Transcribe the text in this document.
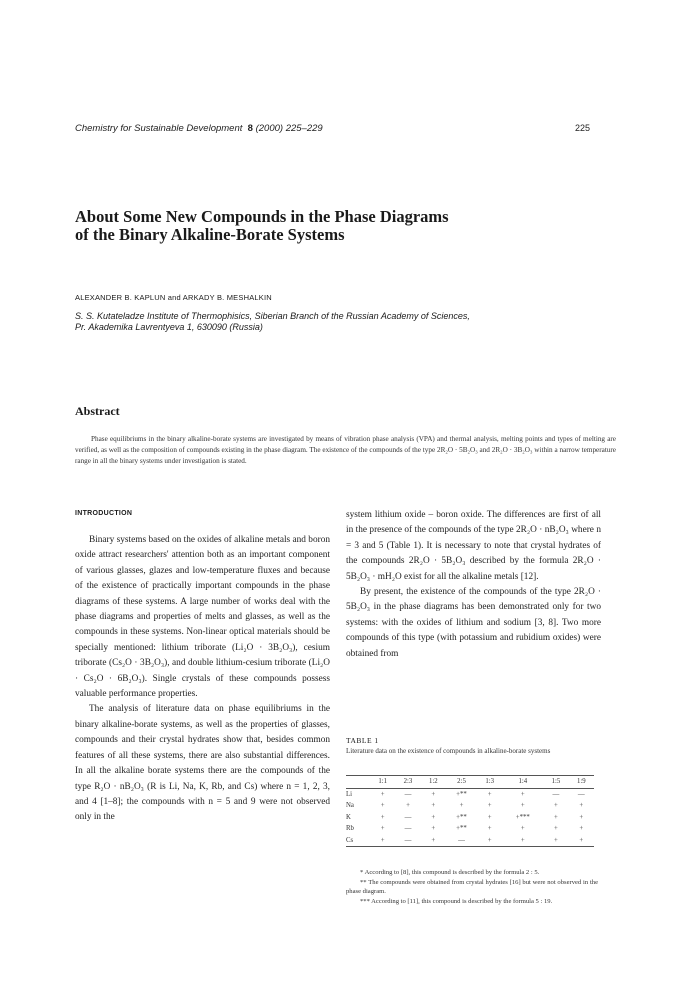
Chemistry for Sustainable Development 8 (2000) 225–229	225
About Some New Compounds in the Phase Diagrams
of the Binary Alkaline-Borate Systems
ALEXANDER B. KAPLUN and ARKADY B. MESHALKIN
S. S. Kutateladze Institute of Thermophisics, Siberian Branch of the Russian Academy of Sciences,
Pr. Akademika Lavrentyeva 1, 630090 (Russia)
Abstract
Phase equilibriums in the binary alkaline-borate systems are investigated by means of vibration phase analysis (VPA) and thermal analysis, melting points and types of melting are verified, as well as the composition of compounds existing in the phase diagram. The existence of the compounds of the type 2R₂O · 5B₂O₃ and 2R₂O · 3B₂O₃ within a narrow temperature range in all the binary systems under investigation is stated.
INTRODUCTION

Binary systems based on the oxides of alkaline metals and boron oxide attract researchers' attention both as an important component of various glasses, glazes and low-temperature fluxes and because of the existence of practically important compounds in the phase diagrams of these systems. A large number of works deal with the phase diagrams and properties of melts and glasses, as well as the compounds in these systems. Non-linear optical materials should be specially mentioned: lithium triborate (Li₂O · 3B₂O₃), cesium triborate (Cs₂O · 3B₂O₃), and double lithium-cesium triborate (Li₂O · Cs₂O · 6B₂O₃). Single crystals of these compounds possess valuable performance properties.

The analysis of literature data on phase equilibriums in the binary alkaline-borate systems, as well as the properties of glasses, compounds and their crystal hydrates show that, besides common features of all these systems, there are also substantial differences. In all the alkaline borate systems there are the compounds of the type R₂O · nB₂O₃ (R is Li, Na, K, Rb, and Cs) where n = 1, 2, 3, and 4 [1–8]; the compounds with n = 5 and 9 were not observed only in the

system lithium oxide – boron oxide. The differences are first of all in the presence of the compounds of the type 2R₂O · nB₂O₃ where n = 3 and 5 (Table 1). It is necessary to note that crystal hydrates of the compounds 2R₂O · 5B₂O₃ described by the formula 2R₂O · 5B₂O₃ · mH₂O exist for all the alkaline metals [12].

By present, the existence of the compounds of the type 2R₂O · 5B₂O₃ in the phase diagrams has been demonstrated only for two systems: with the oxides of lithium and sodium [3, 8]. Two more compounds of this type (with potassium and rubidium oxides) were obtained from

TABLE 1
Literature data on the existence of compounds in alkaline-borate systems
	1:1	2:3	1:2	2:5	1:3	1:4	1:5	1:9
Li	+	—	+	+**	+	+	—	—
Na	+	+	+	+	+	+	+	+
K	+	—	+	+**	+	+***	+	+
Rb	+	—	+	+**	+	+	+	+
Cs	+	—	+	—	+	+	+	+

* According to [8], this compound is described by the formula 2 : 5.

** The compounds were obtained from crystal hydrates [16] but were not observed in the phase diagram.

*** According to [11], this compound is described by the formula 5 : 19.
